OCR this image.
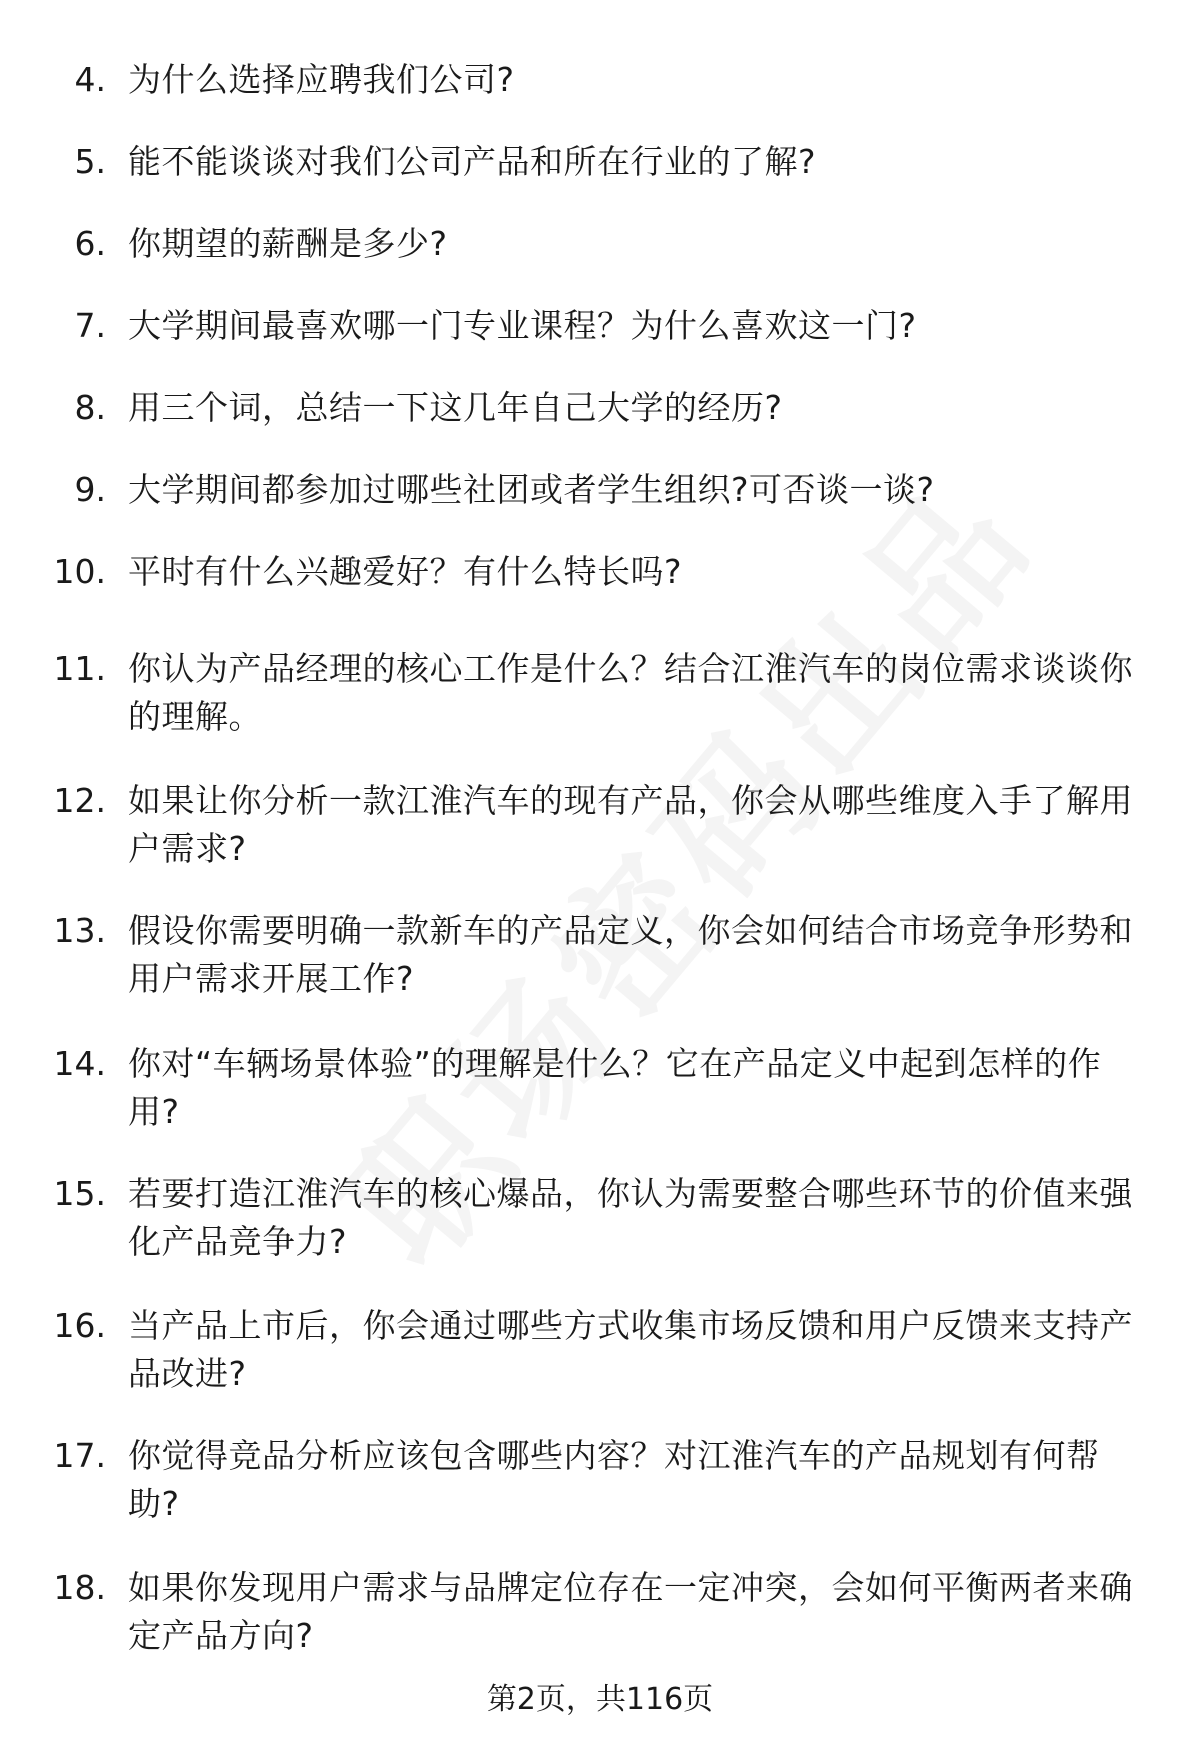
4. 为什么选择应聘我们公司?
5. 能不能谈谈对我们公司产品和所在行业的了解?
6. 你期望的薪酬是多少?
7. 大学期间最喜欢哪一门专业课程？为什么喜欢这一门?
8. 用三个词，总结一下这几年自己大学的经历?
9. 大学期间都参加过哪些社团或者学生组织?可否谈一谈?
10. 平时有什么兴趣爱好？有什么特长吗?
11. 你认为产品经理的核心工作是什么？结合江淮汽车的岗位需求谈谈你的理解。
12. 如果让你分析一款江淮汽车的现有产品，你会从哪些维度入手了解用户需求?
13. 假设你需要明确一款新车的产品定义，你会如何结合市场竞争形势和用户需求开展工作?
14. 你对“车辆场景体验”的理解是什么？它在产品定义中起到怎样的作用?
15. 若要打造江淮汽车的核心爆品，你认为需要整合哪些环节的价值来强化产品竞争力?
16. 当产品上市后，你会通过哪些方式收集市场反馈和用户反馈来支持产品改进?
17. 你觉得竞品分析应该包含哪些内容？对江淮汽车的产品规划有何帮助?
18. 如果你发现用户需求与品牌定位存在一定冲突，会如何平衡两者来确定产品方向?
第2页，共116页
